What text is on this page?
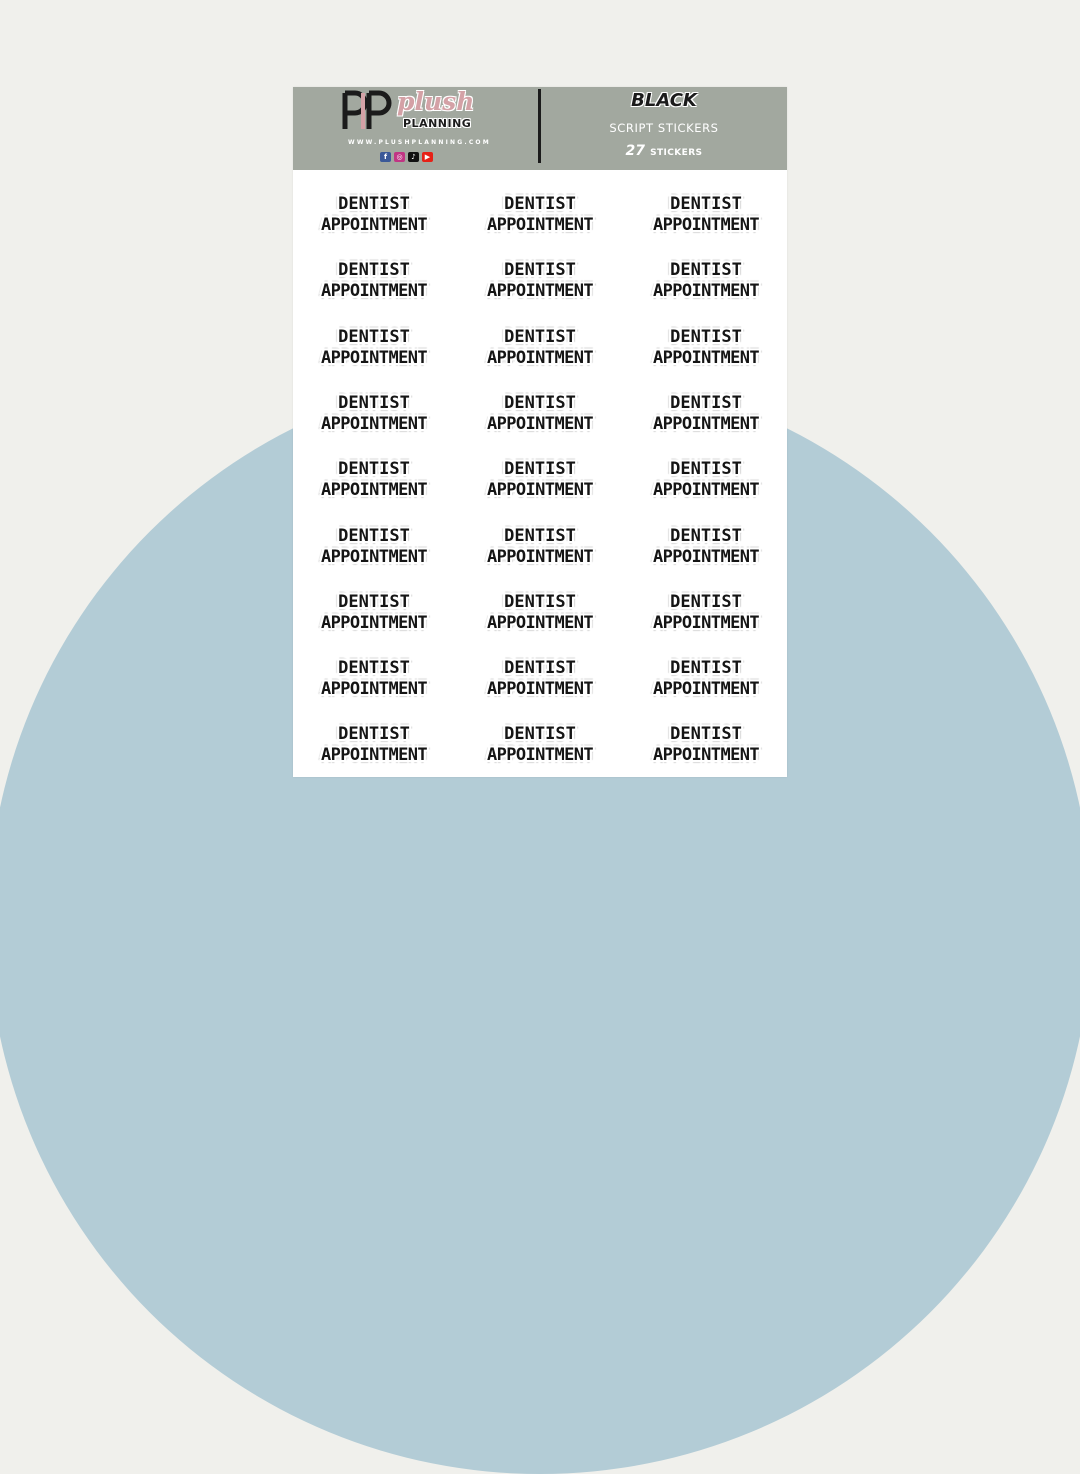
plush
PLANNING
WWW.PLUSHPLANNING.COM
f	◎	♪	▶
BLACK
SCRIPT STICKERS
27 STICKERS
DENTIST
APPOINTMENT
DENTIST
APPOINTMENT
DENTIST
APPOINTMENT
DENTIST
APPOINTMENT
DENTIST
APPOINTMENT
DENTIST
APPOINTMENT
DENTIST
APPOINTMENT
DENTIST
APPOINTMENT
DENTIST
APPOINTMENT
DENTIST
APPOINTMENT
DENTIST
APPOINTMENT
DENTIST
APPOINTMENT
DENTIST
APPOINTMENT
DENTIST
APPOINTMENT
DENTIST
APPOINTMENT
DENTIST
APPOINTMENT
DENTIST
APPOINTMENT
DENTIST
APPOINTMENT
DENTIST
APPOINTMENT
DENTIST
APPOINTMENT
DENTIST
APPOINTMENT
DENTIST
APPOINTMENT
DENTIST
APPOINTMENT
DENTIST
APPOINTMENT
DENTIST
APPOINTMENT
DENTIST
APPOINTMENT
DENTIST
APPOINTMENT
